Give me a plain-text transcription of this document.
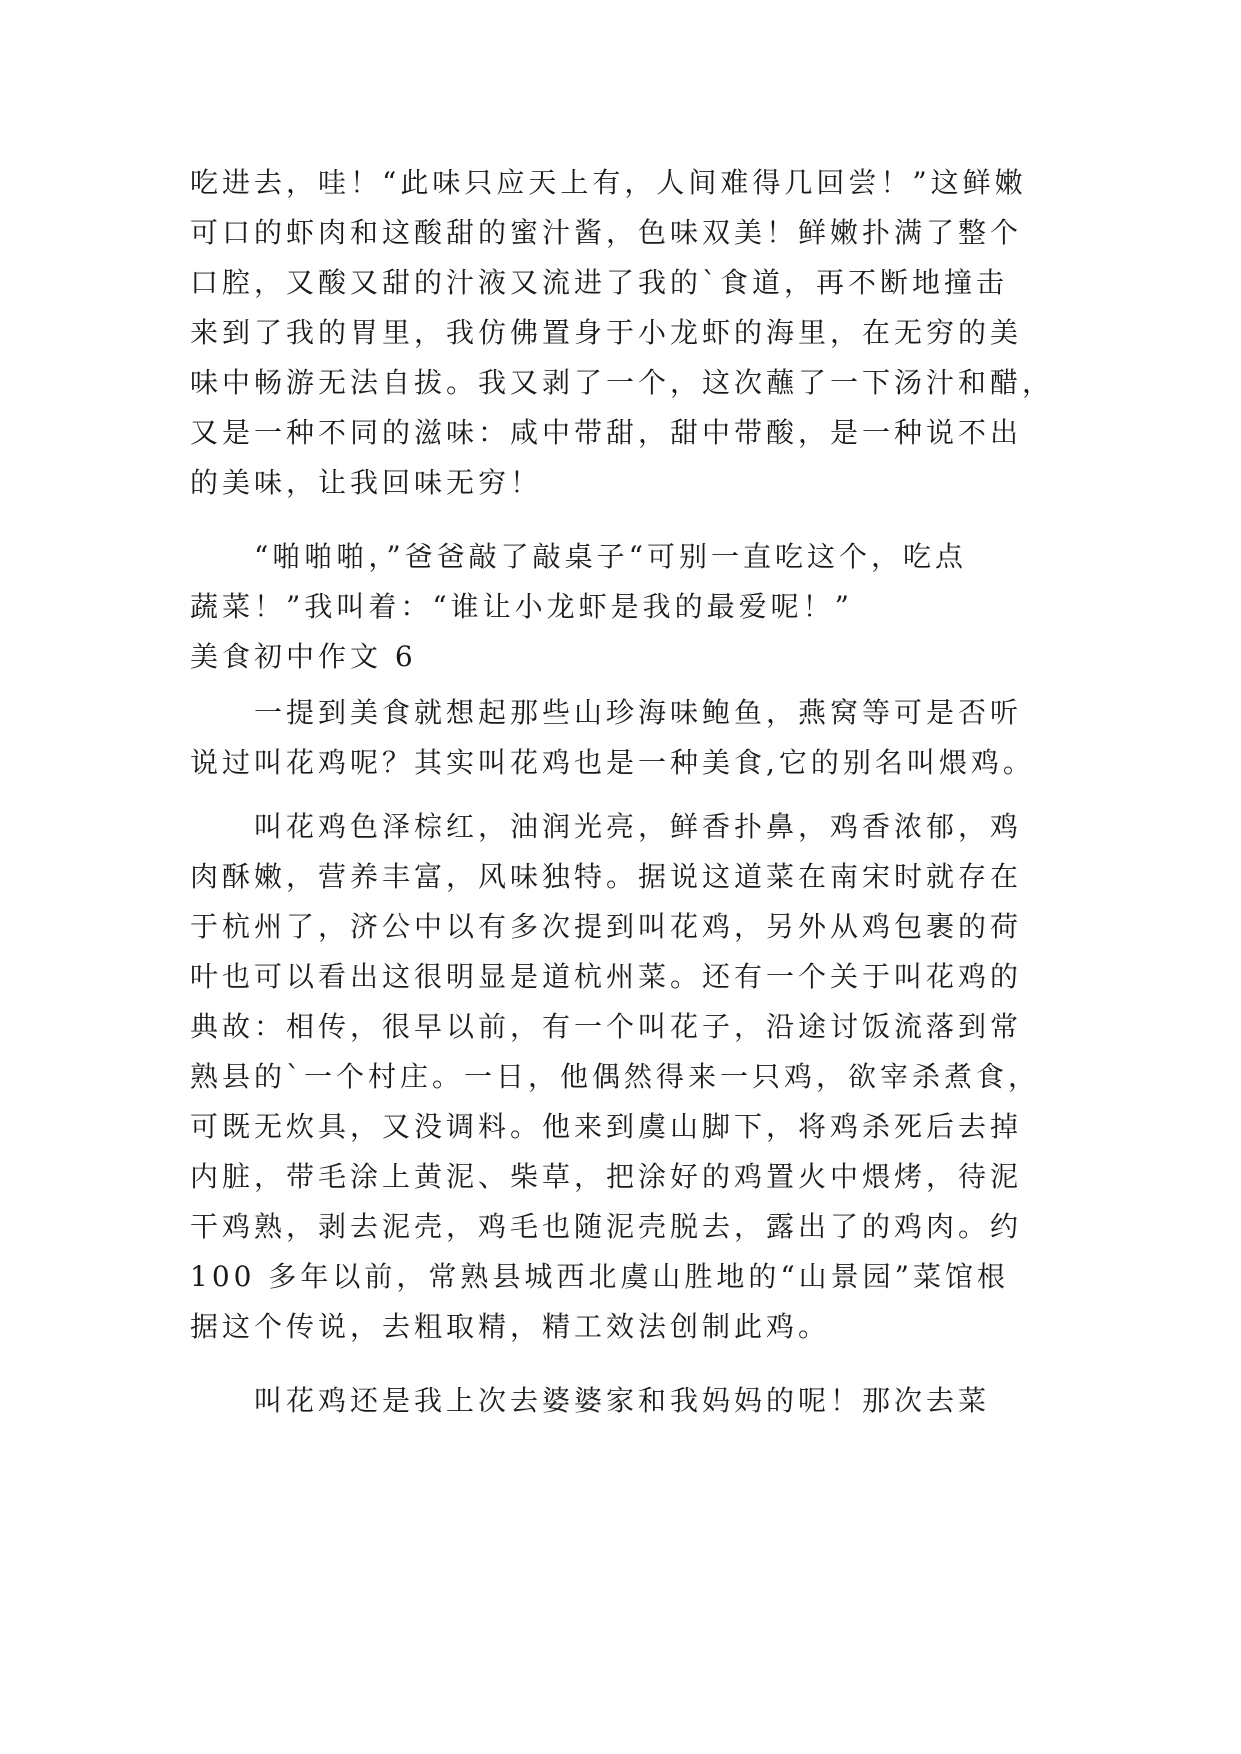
吃进去，哇！“此味只应天上有，人间难得几回尝！”这鲜嫩
可口的虾肉和这酸甜的蜜汁酱，色味双美！鲜嫩扑满了整个
口腔，又酸又甜的汁液又流进了我的`食道，再不断地撞击
来到了我的胃里，我仿佛置身于小龙虾的海里，在无穷的美
味中畅游无法自拔。我又剥了一个，这次蘸了一下汤汁和醋，
又是一种不同的滋味：咸中带甜，甜中带酸，是一种说不出
的美味，让我回味无穷！
　　“啪啪啪，”爸爸敲了敲桌子“可别一直吃这个，吃点
蔬菜！”我叫着：“谁让小龙虾是我的最爱呢！”
美食初中作文 6
　　一提到美食就想起那些山珍海味鲍鱼，燕窝等可是否听
说过叫花鸡呢？其实叫花鸡也是一种美食,它的别名叫煨鸡。
　　叫花鸡色泽棕红，油润光亮，鲜香扑鼻，鸡香浓郁，鸡
肉酥嫩，营养丰富，风味独特。据说这道菜在南宋时就存在
于杭州了，济公中以有多次提到叫花鸡，另外从鸡包裹的荷
叶也可以看出这很明显是道杭州菜。还有一个关于叫花鸡的
典故：相传，很早以前，有一个叫花子，沿途讨饭流落到常
熟县的`一个村庄。一日，他偶然得来一只鸡，欲宰杀煮食，
可既无炊具，又没调料。他来到虞山脚下，将鸡杀死后去掉
内脏，带毛涂上黄泥、柴草，把涂好的鸡置火中煨烤，待泥
干鸡熟，剥去泥壳，鸡毛也随泥壳脱去，露出了的鸡肉。约
100 多年以前，常熟县城西北虞山胜地的“山景园”菜馆根
据这个传说，去粗取精，精工效法创制此鸡。
　　叫花鸡还是我上次去婆婆家和我妈妈的呢！那次去菜
